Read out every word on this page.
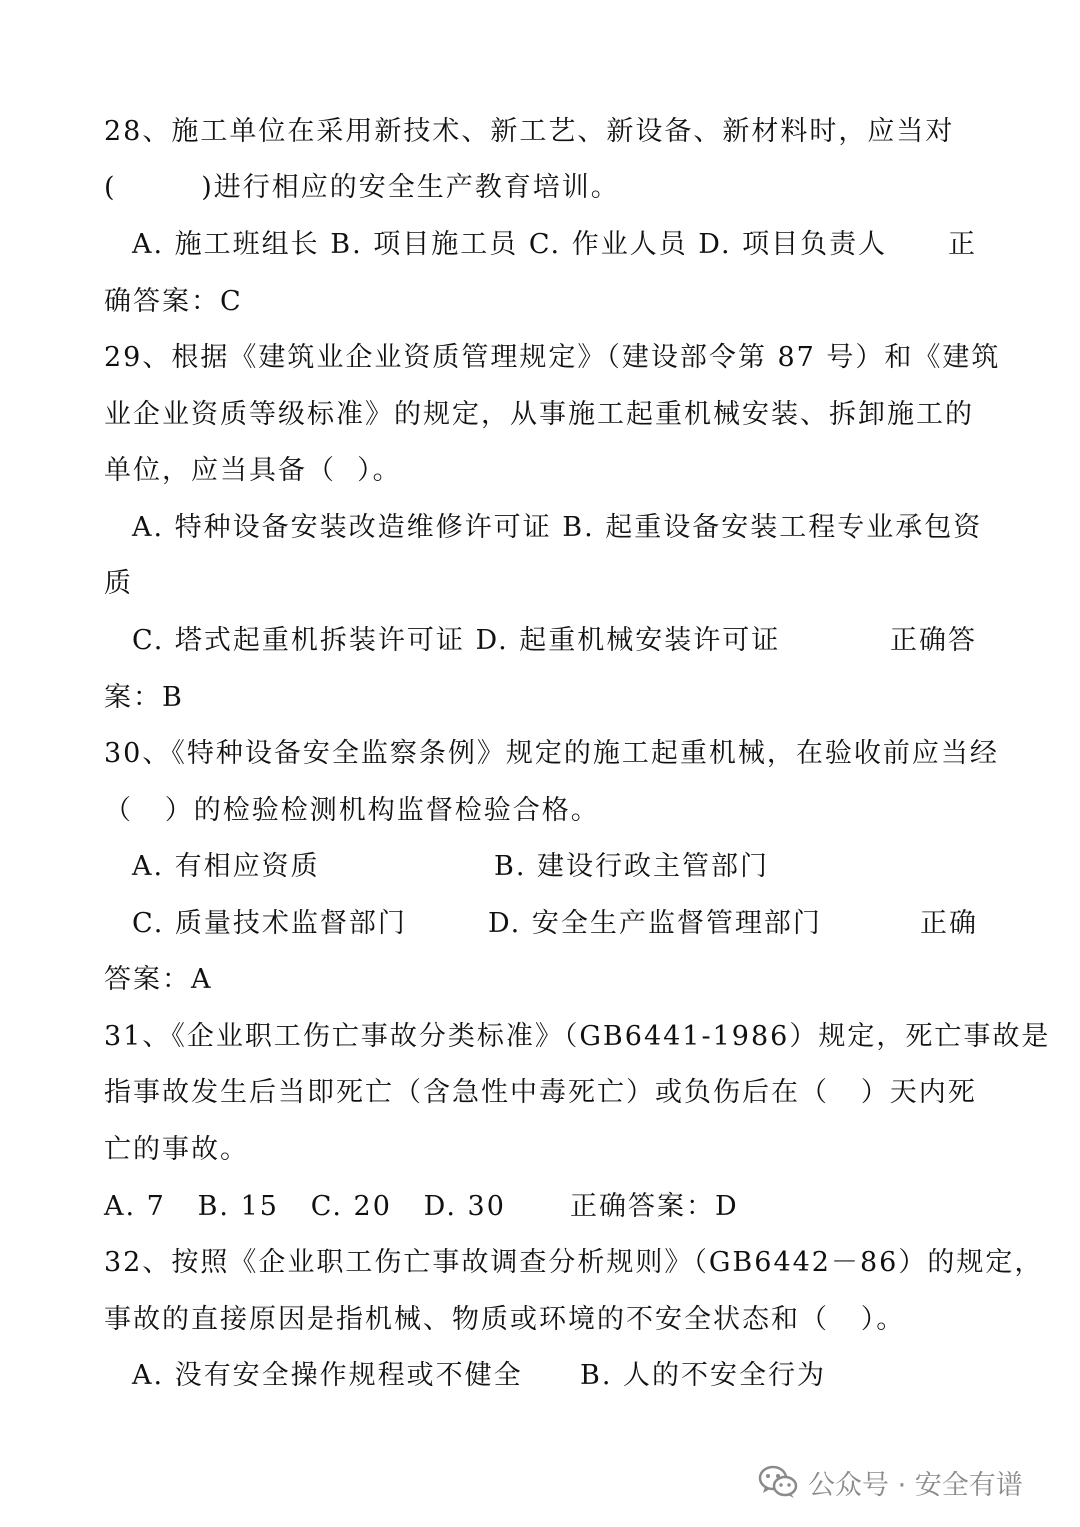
28、施工单位在采用新技术、新工艺、新设备、新材料时，应当对
(        )进行相应的安全生产教育培训。
A. 施工班组长 B. 项目施工员 C. 作业人员 D. 项目负责人 正
确答案：C
29、根据《建筑业企业资质管理规定》（建设部令第 87 号）和《建筑
业企业资质等级标准》的规定，从事施工起重机械安装、拆卸施工的
单位，应当具备（  ）。
A. 特种设备安装改造维修许可证 B. 起重设备安装工程专业承包资
质
C. 塔式起重机拆装许可证 D. 起重机械安装许可证	正确答
案：B
30、《特种设备安全监察条例》规定的施工起重机械，在验收前应当经
（   ）的检验检测机构监督检验合格。
A. 有相应资质	B. 建设行政主管部门
C. 质量技术监督部门	D. 安全生产监督管理部门	正确
答案：A
31、《企业职工伤亡事故分类标准》（GB6441-1986）规定，死亡事故是
指事故发生后当即死亡（含急性中毒死亡）或负伤后在（   ）天内死
亡的事故。
A. 7   B. 15   C. 20   D. 30 正确答案：D
32、按照《企业职工伤亡事故调查分析规则》（GB6442－86）的规定，
事故的直接原因是指机械、物质或环境的不安全状态和（   ）。
A. 没有安全操作规程或不健全 B. 人的不安全行为
公众号 · 安全有谱
